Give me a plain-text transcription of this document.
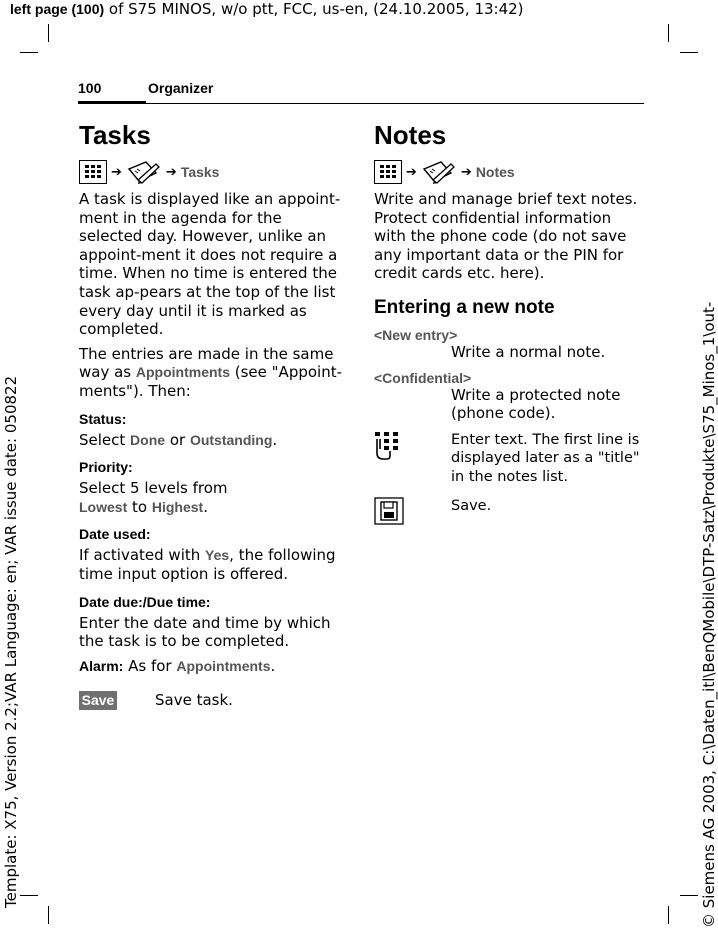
left page (100) of S75 MINOS, w/o ptt, FCC, us-en, (24.10.2005, 13:42)
Template: X75, Version 2.2;VAR Language: en; VAR issue date: 050822	© Siemens AG 2003, C:\Daten_itl\BenQMobile\DTP-Satz\Produkte\S75_Minos_1\out-
100	Organizer
Tasks
➔	➔ Tasks

A task is displayed like an appoint-ment in the agenda for the selected day. However, unlike an appoint-ment it does not require a time. When no time is entered the task ap-pears at the top of the list every day until it is marked as completed.

The entries are made in the same way as Appointments (see "Appoint-ments"). Then:

Status:

Select Done or Outstanding.

Priority:

Select 5 levels from
Lowest to Highest.

Date used:

If activated with Yes, the following time input option is offered.

Date due:/Due time:

Enter the date and time by which the task is to be completed.

Alarm: As for Appointments.

Save	Save task.
Notes
➔	➔ Notes

Write and manage brief text notes. Protect confidential information with the phone code (do not save any important data or the PIN for credit cards etc. here).

Entering a new note
<New entry>
Write a normal note.
<Confidential>
Write a protected note (phone code).
Enter text. The first line is displayed later as a "title" in the notes list.
Save.
